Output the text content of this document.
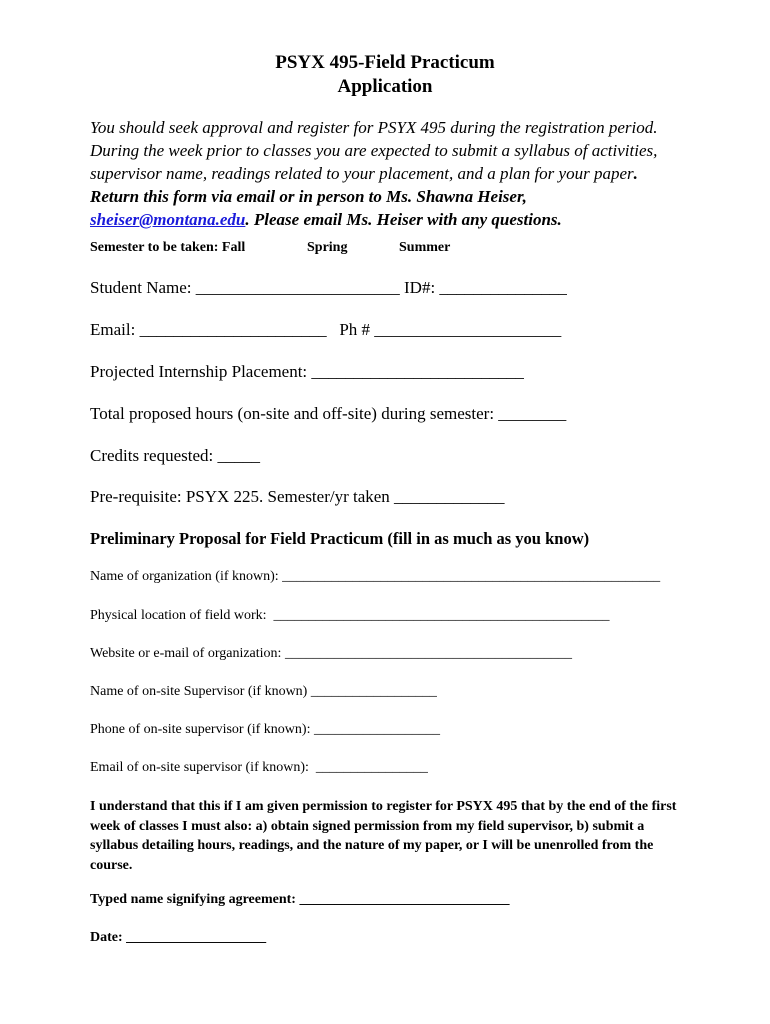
PSYX 495-Field Practicum
Application
You should seek approval and register for PSYX 495 during the registration period. During the week prior to classes you are expected to submit a syllabus of activities, supervisor name, readings related to your placement, and a plan for your paper. Return this form via email or in person to Ms. Shawna Heiser, sheiser@montana.edu. Please email Ms. Heiser with any questions.
Semester to be taken: Fall	Spring	Summer
Student Name: ________________________ ID#: _______________
Email: ______________________   Ph # ______________________
Projected Internship Placement: _________________________
Total proposed hours (on-site and off-site) during semester: ________
Credits requested: _____
Pre-requisite: PSYX 225. Semester/yr taken _____________
Preliminary Proposal for Field Practicum (fill in as much as you know)
Name of organization (if known): ______________________________________________________
Physical location of field work:  ________________________________________________
Website or e-mail of organization: _________________________________________
Name of on-site Supervisor (if known) __________________
Phone of on-site supervisor (if known): __________________
Email of on-site supervisor (if known):  ________________
I understand that this if I am given permission to register for PSYX 495 that by the end of the first week of classes I must also: a) obtain signed permission from my field supervisor, b) submit a syllabus detailing hours, readings, and the nature of my paper, or I will be unenrolled from the course.
Typed name signifying agreement: ______________________________
Date: ____________________
